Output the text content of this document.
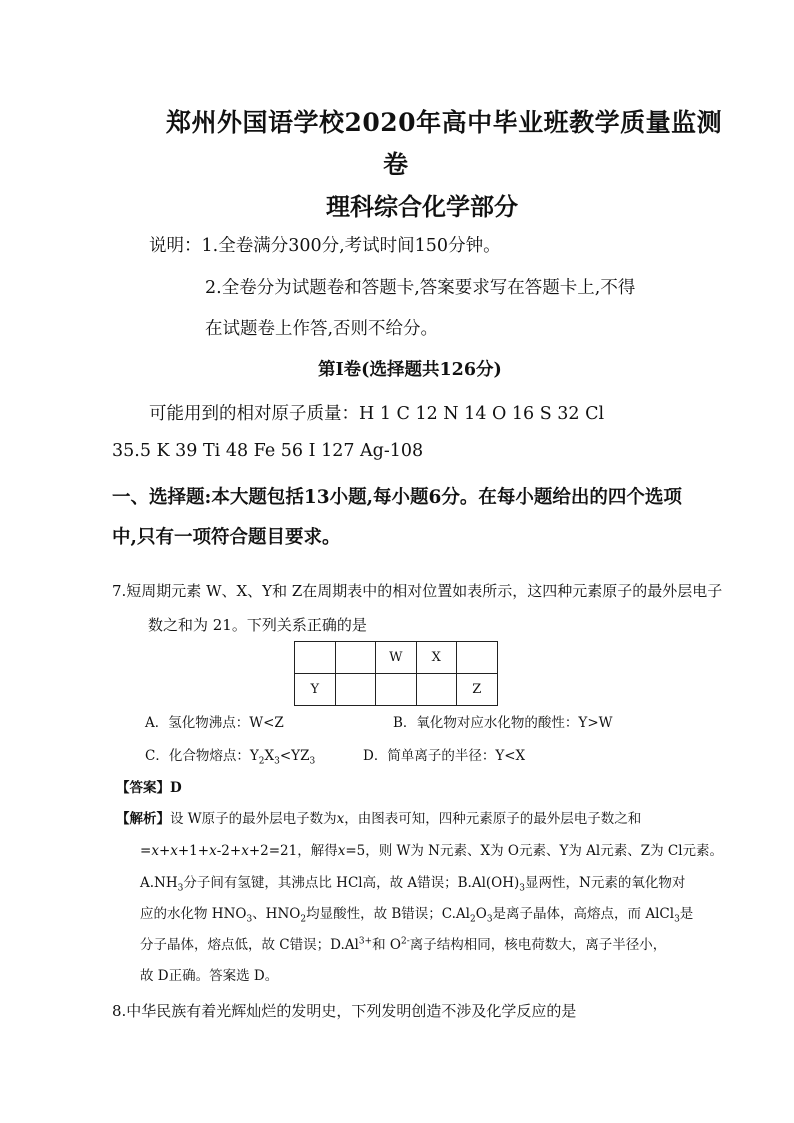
郑州外国语学校2020年高中毕业班教学质量监测
卷
理科综合化学部分
说明：1.全卷满分300分,考试时间150分钟。
2.全卷分为试题卷和答题卡,答案要求写在答题卡上,不得
在试题卷上作答,否则不给分。
第Ⅰ卷(选择题共126分)
可能用到的相对原子质量：H 1 C 12 N 14 O 16 S 32 Cl
35.5 K 39 Ti 48 Fe 56 I 127 Ag-108
一、选择题:本大题包括13小题,每小题6分。在每小题给出的四个选项
中,只有一项符合题目要求。
7.短周期元素 W、X、Y和 Z在周期表中的相对位置如表所示，这四种元素原子的最外层电子
数之和为 21。下列关系正确的是
		W	X	
Y				Z
A．氢化物沸点：W<Z	B．氧化物对应水化物的酸性：Y>W
C．化合物熔点：$Y_2X_3<YZ_3$	D．简单离子的半径：Y<X
【答案】D
【解析】设 W原子的最外层电子数为x，由图表可知，四种元素原子的最外层电子数之和
=x+x+1+x-2+x+2=21，解得x=5，则 W为 N元素、X为 O元素、Y为 Al元素、Z为 Cl元素。
$A.NH_3$分子间有氢键，其沸点比 HCl高，故 A错误；$B.Al(OH)_3$显两性，N元素的氧化物对
应的水化物 $HNO_3$、$HNO_2$均显酸性，故 B错误；$C.Al_2O_3$是离子晶体，高熔点，而 AlCl$_3$是
分子晶体，熔点低，故 C错误；$D.Al^{3+}$和 $O^{2-}$离子结构相同，核电荷数大，离子半径小，
故 D正确。答案选 D。
8.中华民族有着光辉灿烂的发明史，下列发明创造不涉及化学反应的是
